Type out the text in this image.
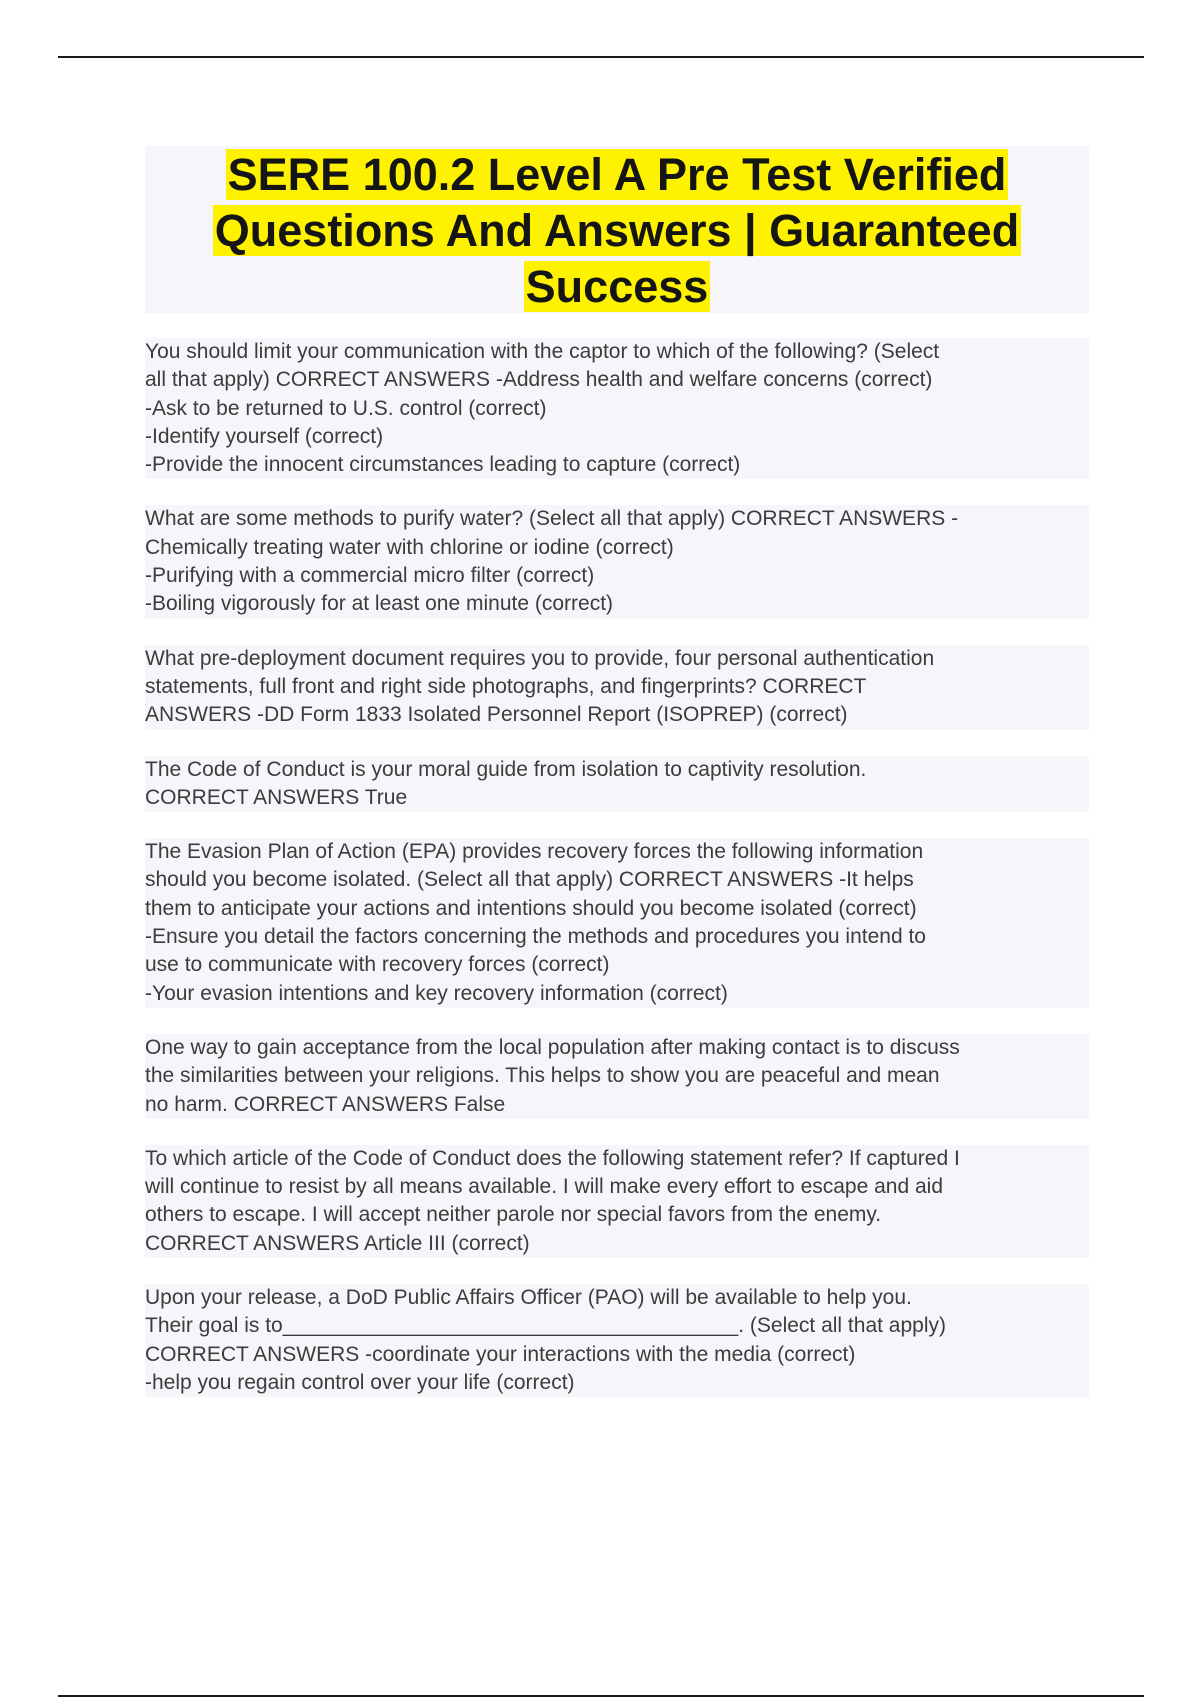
SERE 100.2 Level A Pre Test Verified
Questions And Answers | Guaranteed
Success
You should limit your communication with the captor to which of the following? (Select
all that apply) CORRECT ANSWERS -Address health and welfare concerns (correct)
-Ask to be returned to U.S. control (correct)
-Identify yourself (correct)
-Provide the innocent circumstances leading to capture (correct)
What are some methods to purify water? (Select all that apply) CORRECT ANSWERS -
Chemically treating water with chlorine or iodine (correct)
-Purifying with a commercial micro filter (correct)
-Boiling vigorously for at least one minute (correct)
What pre-deployment document requires you to provide, four personal authentication
statements, full front and right side photographs, and fingerprints? CORRECT
ANSWERS -DD Form 1833 Isolated Personnel Report (ISOPREP) (correct)
The Code of Conduct is your moral guide from isolation to captivity resolution.
CORRECT ANSWERS True
The Evasion Plan of Action (EPA) provides recovery forces the following information
should you become isolated. (Select all that apply) CORRECT ANSWERS -It helps
them to anticipate your actions and intentions should you become isolated (correct)
-Ensure you detail the factors concerning the methods and procedures you intend to
use to communicate with recovery forces (correct)
-Your evasion intentions and key recovery information (correct)
One way to gain acceptance from the local population after making contact is to discuss
the similarities between your religions. This helps to show you are peaceful and mean
no harm. CORRECT ANSWERS False
To which article of the Code of Conduct does the following statement refer? If captured I
will continue to resist by all means available. I will make every effort to escape and aid
others to escape. I will accept neither parole nor special favors from the enemy.
CORRECT ANSWERS Article III (correct)
Upon your release, a DoD Public Affairs Officer (PAO) will be available to help you.
Their goal is to_______________________________________. (Select all that apply)
CORRECT ANSWERS -coordinate your interactions with the media (correct)
-help you regain control over your life (correct)
